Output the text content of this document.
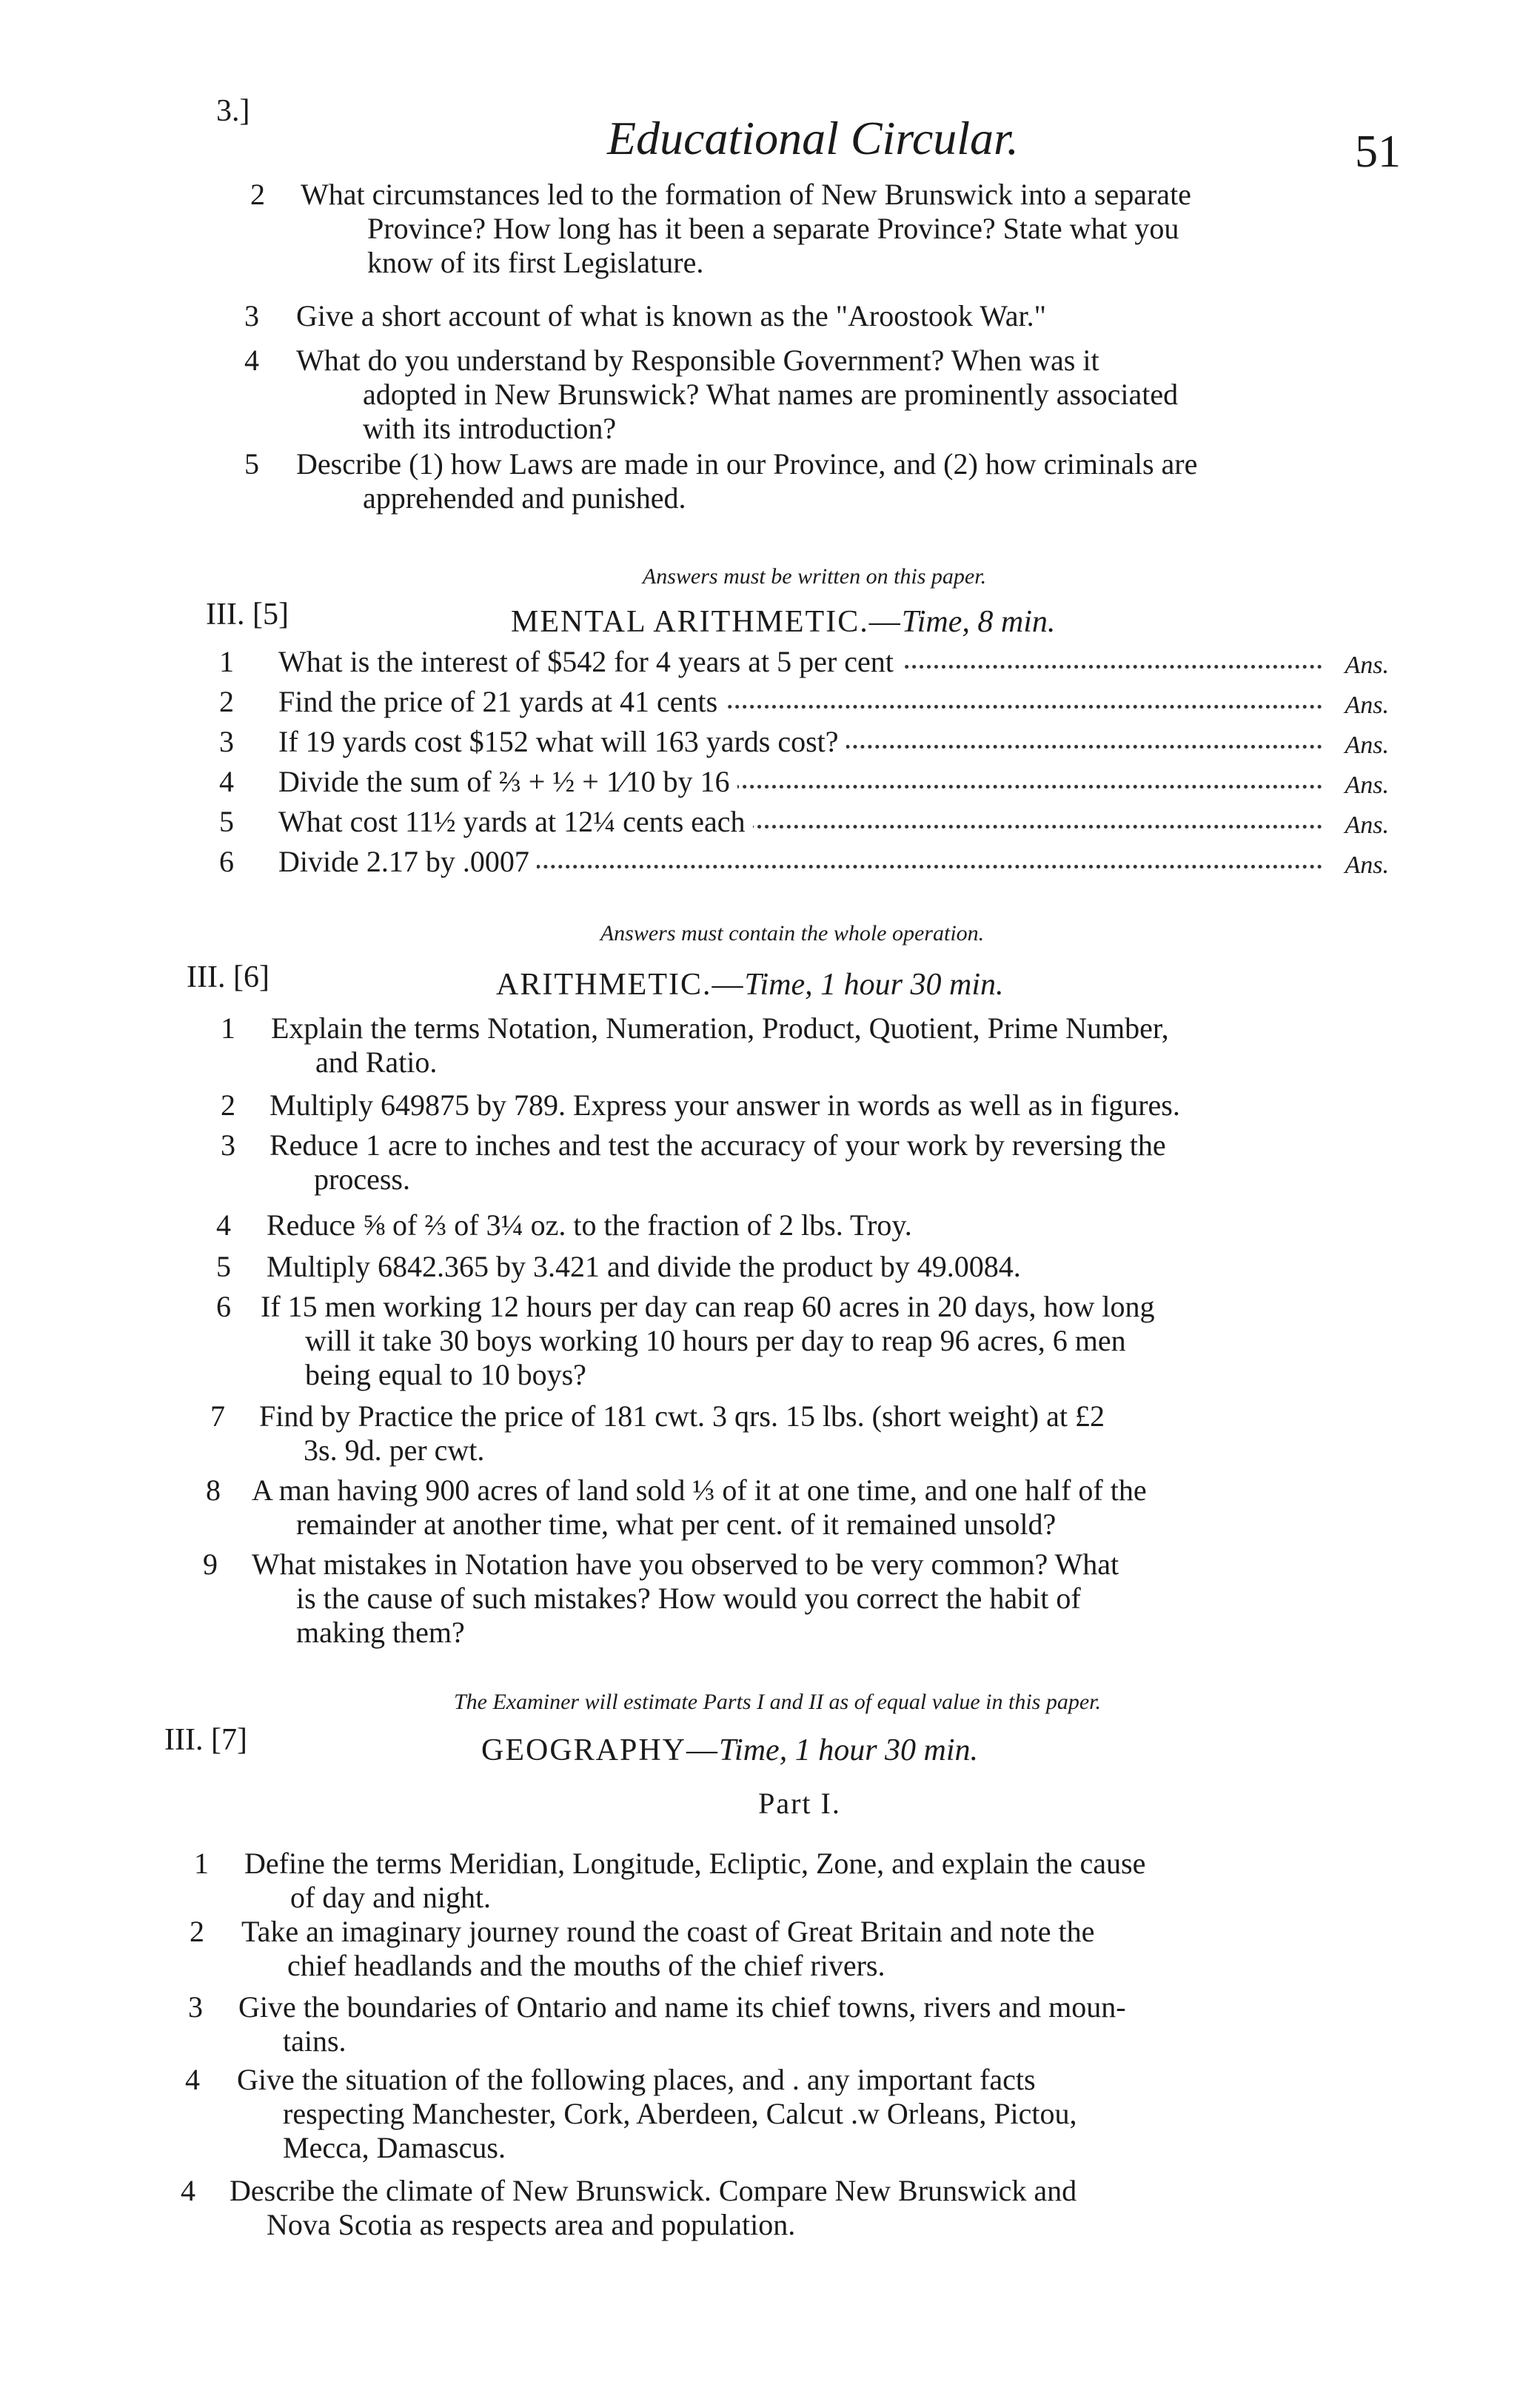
3.]
Educational Circular.	51
2 What circumstances led to the formation of New Brunswick into a separate
Province? How long has it been a separate Province? State what you
know of its first Legislature.
3 Give a short account of what is known as the "Aroostook War."
4 What do you understand by Responsible Government? When was it
adopted in New Brunswick? What names are prominently associated
with its introduction?
5 Describe (1) how Laws are made in our Province, and (2) how criminals are
apprehended and punished.
Answers must be written on this paper.
III. [5]	MENTAL ARITHMETIC.—Time, 8 min.
1 What is the interest of $542 for 4 years at 5 per cent	Ans.
2 Find the price of 21 yards at 41 cents	Ans.
3 If 19 yards cost $152 what will 163 yards cost?	Ans.
4 Divide the sum of ⅔ + ½ + 1⁄10 by 16	Ans.
5 What cost 11½ yards at 12¼ cents each	Ans.
6 Divide 2.17 by .0007	Ans.
Answers must contain the whole operation.
III. [6]	ARITHMETIC.—Time, 1 hour 30 min.
1 Explain the terms Notation, Numeration, Product, Quotient, Prime Number,
and Ratio.
2 Multiply 649875 by 789. Express your answer in words as well as in figures.
3 Reduce 1 acre to inches and test the accuracy of your work by reversing the
process.
4 Reduce ⅝ of ⅔ of 3¼ oz. to the fraction of 2 lbs. Troy.
5 Multiply 6842.365 by 3.421 and divide the product by 49.0084.
6 If 15 men working 12 hours per day can reap 60 acres in 20 days, how long
will it take 30 boys working 10 hours per day to reap 96 acres, 6 men
being equal to 10 boys?
7 Find by Practice the price of 181 cwt. 3 qrs. 15 lbs. (short weight) at £2
3s. 9d. per cwt.
8 A man having 900 acres of land sold ⅓ of it at one time, and one half of the
remainder at another time, what per cent. of it remained unsold?
9 What mistakes in Notation have you observed to be very common? What
is the cause of such mistakes? How would you correct the habit of
making them?
The Examiner will estimate Parts I and II as of equal value in this paper.
III. [7]	GEOGRAPHY—Time, 1 hour 30 min.
Part I.
1 Define the terms Meridian, Longitude, Ecliptic, Zone, and explain the cause
of day and night.
2 Take an imaginary journey round the coast of Great Britain and note the
chief headlands and the mouths of the chief rivers.
3 Give the boundaries of Ontario and name its chief towns, rivers and moun-
tains.
4 Give the situation of the following places, and . any important facts
respecting Manchester, Cork, Aberdeen, Calcut .w Orleans, Pictou,
Mecca, Damascus.
4 Describe the climate of New Brunswick. Compare New Brunswick and
Nova Scotia as respects area and population.
